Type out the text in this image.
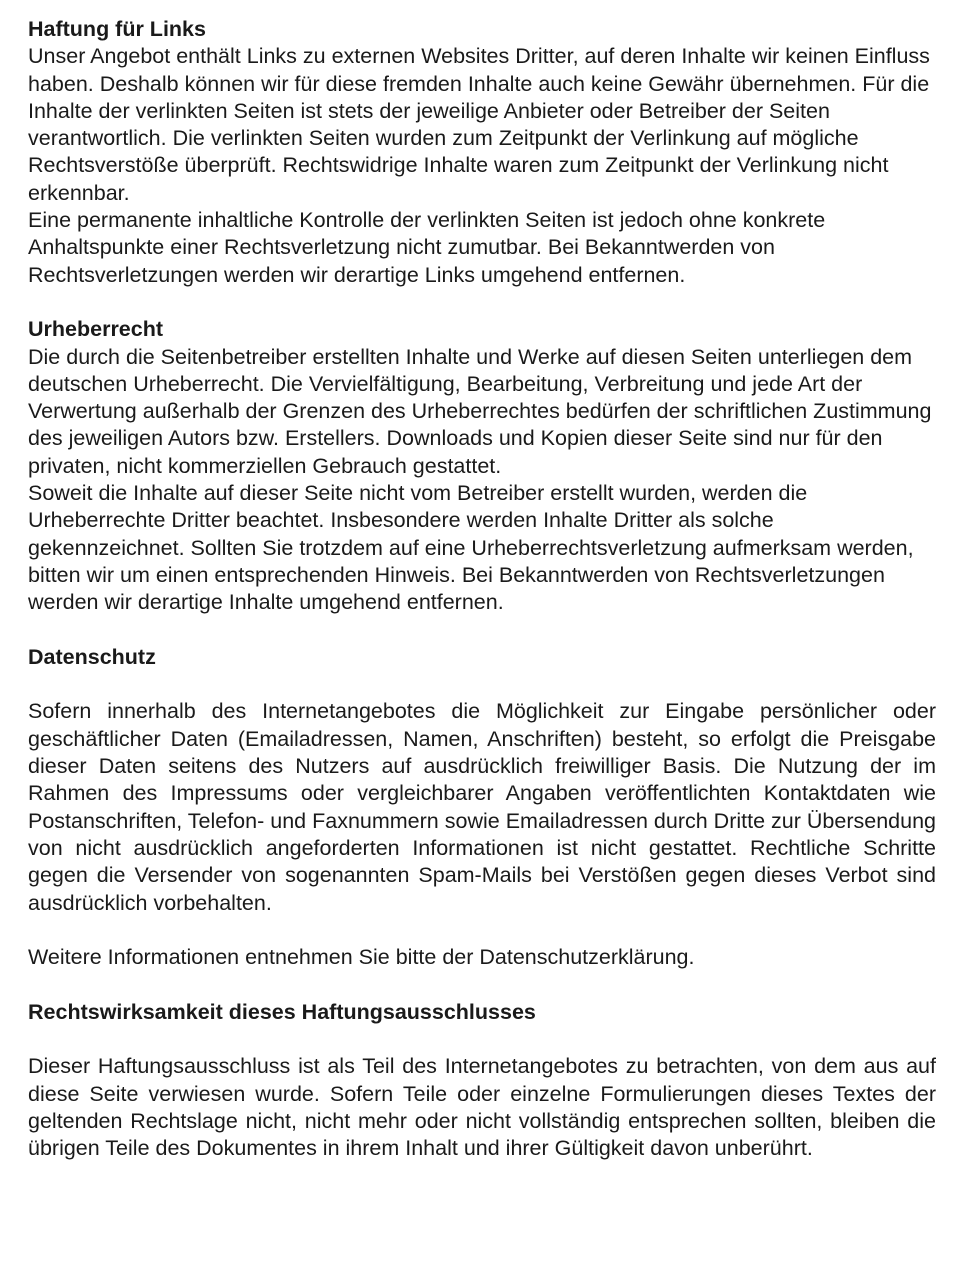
Haftung für Links

Unser Angebot enthält Links zu externen Websites Dritter, auf deren Inhalte wir keinen Einfluss haben. Deshalb können wir für diese fremden Inhalte auch keine Gewähr übernehmen. Für die Inhalte der verlinkten Seiten ist stets der jeweilige Anbieter oder Betreiber der Seiten verantwortlich. Die verlinkten Seiten wurden zum Zeitpunkt der Verlinkung auf mögliche Rechtsverstöße überprüft. Rechtswidrige Inhalte waren zum Zeitpunkt der Verlinkung nicht erkennbar.

Eine permanente inhaltliche Kontrolle der verlinkten Seiten ist jedoch ohne konkrete Anhaltspunkte einer Rechtsverletzung nicht zumutbar. Bei Bekanntwerden von Rechtsverletzungen werden wir derartige Links umgehend entfernen.

Urheberrecht

Die durch die Seitenbetreiber erstellten Inhalte und Werke auf diesen Seiten unterliegen dem deutschen Urheberrecht. Die Vervielfältigung, Bearbeitung, Verbreitung und jede Art der Verwertung außerhalb der Grenzen des Urheberrechtes bedürfen der schriftlichen Zustimmung des jeweiligen Autors bzw. Erstellers. Downloads und Kopien dieser Seite sind nur für den privaten, nicht kommerziellen Gebrauch gestattet.

Soweit die Inhalte auf dieser Seite nicht vom Betreiber erstellt wurden, werden die Urheberrechte Dritter beachtet. Insbesondere werden Inhalte Dritter als solche gekennzeichnet. Sollten Sie trotzdem auf eine Urheberrechtsverletzung aufmerksam werden, bitten wir um einen entsprechenden Hinweis. Bei Bekanntwerden von Rechtsverletzungen werden wir derartige Inhalte umgehend entfernen.

Datenschutz

Sofern innerhalb des Internetangebotes die Möglichkeit zur Eingabe persönlicher oder geschäftlicher Daten (Emailadressen, Namen, Anschriften) besteht, so erfolgt die Preisgabe dieser Daten seitens des Nutzers auf ausdrücklich freiwilliger Basis. Die Nutzung der im Rahmen des Impressums oder vergleichbarer Angaben veröffentlichten Kontaktdaten wie Postanschriften, Telefon- und Faxnummern sowie Emailadressen durch Dritte zur Übersendung von nicht ausdrücklich angeforderten Informationen ist nicht gestattet. Rechtliche Schritte gegen die Versender von sogenannten Spam-Mails bei Verstößen gegen dieses Verbot sind ausdrücklich vorbehalten.

Weitere Informationen entnehmen Sie bitte der Datenschutzerklärung.

Rechtswirksamkeit dieses Haftungsausschlusses

Dieser Haftungsausschluss ist als Teil des Internetangebotes zu betrachten, von dem aus auf diese Seite verwiesen wurde. Sofern Teile oder einzelne Formulierungen dieses Textes der geltenden Rechtslage nicht, nicht mehr oder nicht vollständig entsprechen sollten, bleiben die übrigen Teile des Dokumentes in ihrem Inhalt und ihrer Gültigkeit davon unberührt.
